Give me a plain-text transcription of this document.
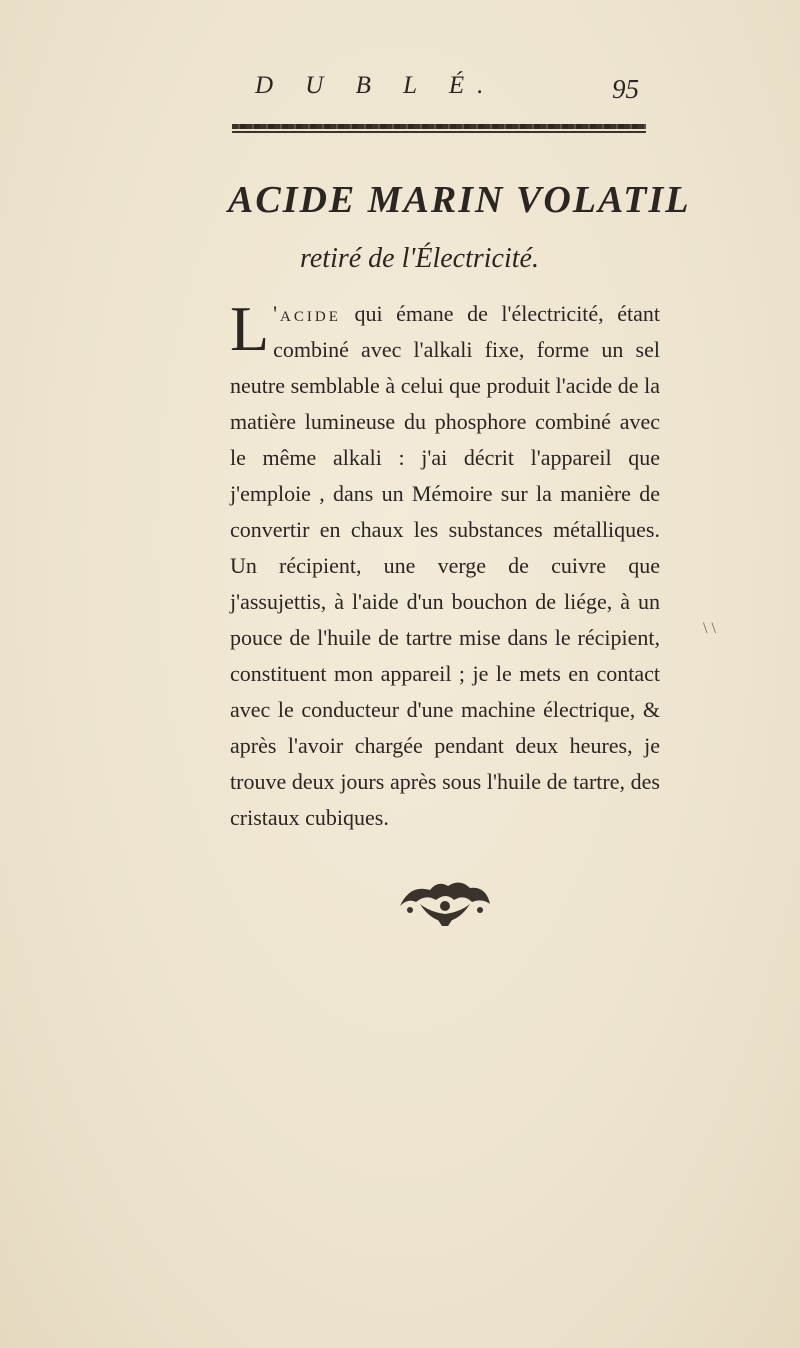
D U B L É.	95
ACIDE MARIN VOLATIL
retiré de l'Électricité.
L 'acide qui émane de l'électricité, étant combiné avec l'alkali fixe, forme un sel neutre semblable à celui que produit l'acide de la matière lumineuse du phosphore combiné avec le même alkali : j'ai décrit l'appareil que j'emploie , dans un Mémoire sur la manière de convertir en chaux les substances métalliques. Un récipient, une verge de cuivre que j'assujettis, à l'aide d'un bouchon de liége, à un pouce de l'huile de tartre mise dans le récipient, constituent mon appareil ; je le mets en contact avec le conducteur d'une machine électrique, & après l'avoir chargée pendant deux heures, je trouve deux jours après sous l'huile de tartre, des cristaux cubiques.
\ \
